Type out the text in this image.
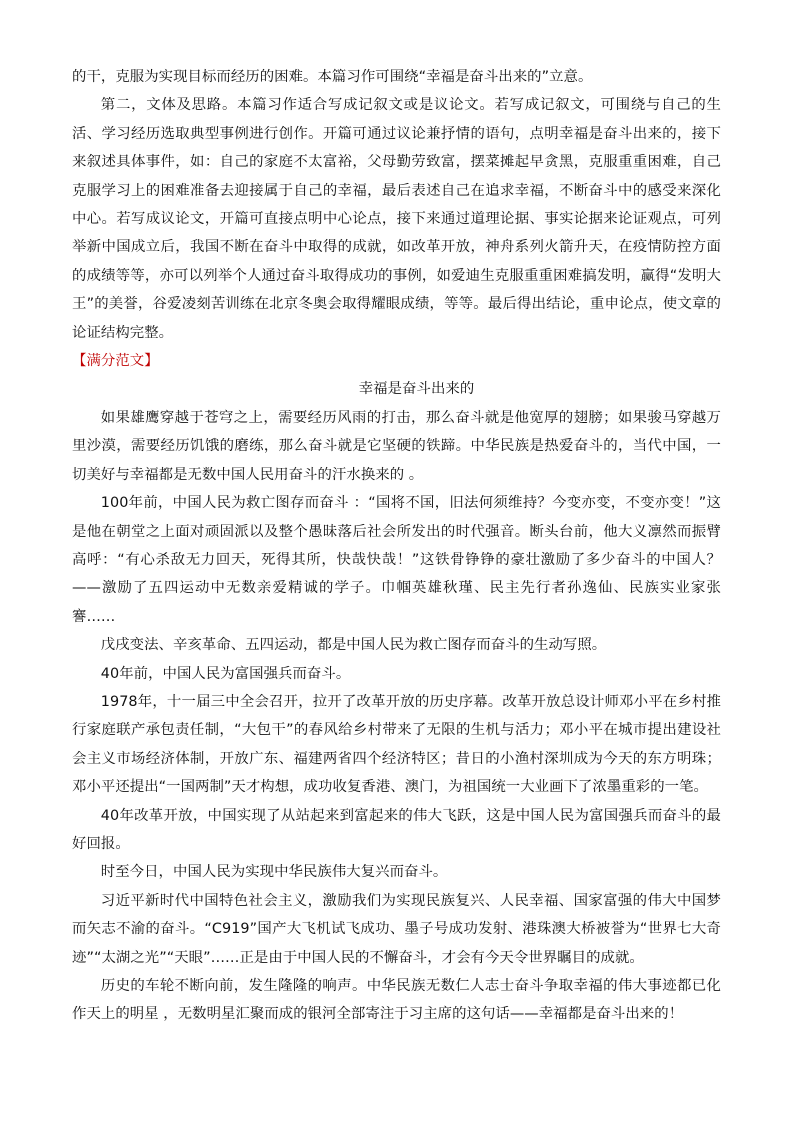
的干，克服为实现目标而经历的困难。本篇习作可围绕“幸福是奋斗出来的”立意。

第二，文体及思路。本篇习作适合写成记叙文或是议论文。若写成记叙文，可围绕与自己的生活、学习经历选取典型事例进行创作。开篇可通过议论兼抒情的语句，点明幸福是奋斗出来的，接下来叙述具体事件，如：自己的家庭不太富裕，父母勤劳致富，摆菜摊起早贪黑，克服重重困难，自己克服学习上的困难准备去迎接属于自己的幸福，最后表述自己在追求幸福，不断奋斗中的感受来深化中心。若写成议论文，开篇可直接点明中心论点，接下来通过道理论据、事实论据来论证观点，可列举新中国成立后，我国不断在奋斗中取得的成就，如改革开放，神舟系列火箭升天，在疫情防控方面的成绩等等，亦可以列举个人通过奋斗取得成功的事例，如爱迪生克服重重困难搞发明，赢得“发明大王”的美誉，谷爱凌刻苦训练在北京冬奥会取得耀眼成绩，等等。最后得出结论，重申论点，使文章的论证结构完整。

【满分范文】

幸福是奋斗出来的

如果雄鹰穿越于苍穹之上，需要经历风雨的打击，那么奋斗就是他宽厚的翅膀；如果骏马穿越万里沙漠，需要经历饥饿的磨练，那么奋斗就是它坚硬的铁蹄。中华民族是热爱奋斗的，当代中国，一切美好与幸福都是无数中国人民用奋斗的汗水换来的 。

100年前，中国人民为救亡图存而奋斗 ：“国将不国，旧法何须维持？今变亦变，不变亦变！”这是他在朝堂之上面对顽固派以及整个愚昧落后社会所发出的时代强音。断头台前，他大义凛然而振臂高呼：“有心杀敌无力回天，死得其所，快哉快哉！”这铁骨铮铮的豪壮激励了多少奋斗的中国人？——激励了五四运动中无数亲爱精诚的学子。巾帼英雄秋瑾、民主先行者孙逸仙、民族实业家张謇……

戊戌变法、辛亥革命、五四运动，都是中国人民为救亡图存而奋斗的生动写照。

40年前，中国人民为富国强兵而奋斗。

1978年，十一届三中全会召开，拉开了改革开放的历史序幕。改革开放总设计师邓小平在乡村推行家庭联产承包责任制，“大包干”的春风给乡村带来了无限的生机与活力；邓小平在城市提出建设社会主义市场经济体制，开放广东、福建两省四个经济特区；昔日的小渔村深圳成为今天的东方明珠；邓小平还提出“一国两制”天才构想，成功收复香港、澳门，为祖国统一大业画下了浓墨重彩的一笔。

40年改革开放，中国实现了从站起来到富起来的伟大飞跃，这是中国人民为富国强兵而奋斗的最好回报。

时至今日，中国人民为实现中华民族伟大复兴而奋斗。

习近平新时代中国特色社会主义，激励我们为实现民族复兴、人民幸福、国家富强的伟大中国梦而矢志不渝的奋斗。“C919”国产大飞机试飞成功、墨子号成功发射、港珠澳大桥被誉为“世界七大奇迹”“太湖之光”“天眼”……正是由于中国人民的不懈奋斗，才会有今天令世界瞩目的成就。

历史的车轮不断向前，发生隆隆的响声。中华民族无数仁人志士奋斗争取幸福的伟大事迹都已化作天上的明星 ，无数明星汇聚而成的银河全部寄注于习主席的这句话——幸福都是奋斗出来的！
